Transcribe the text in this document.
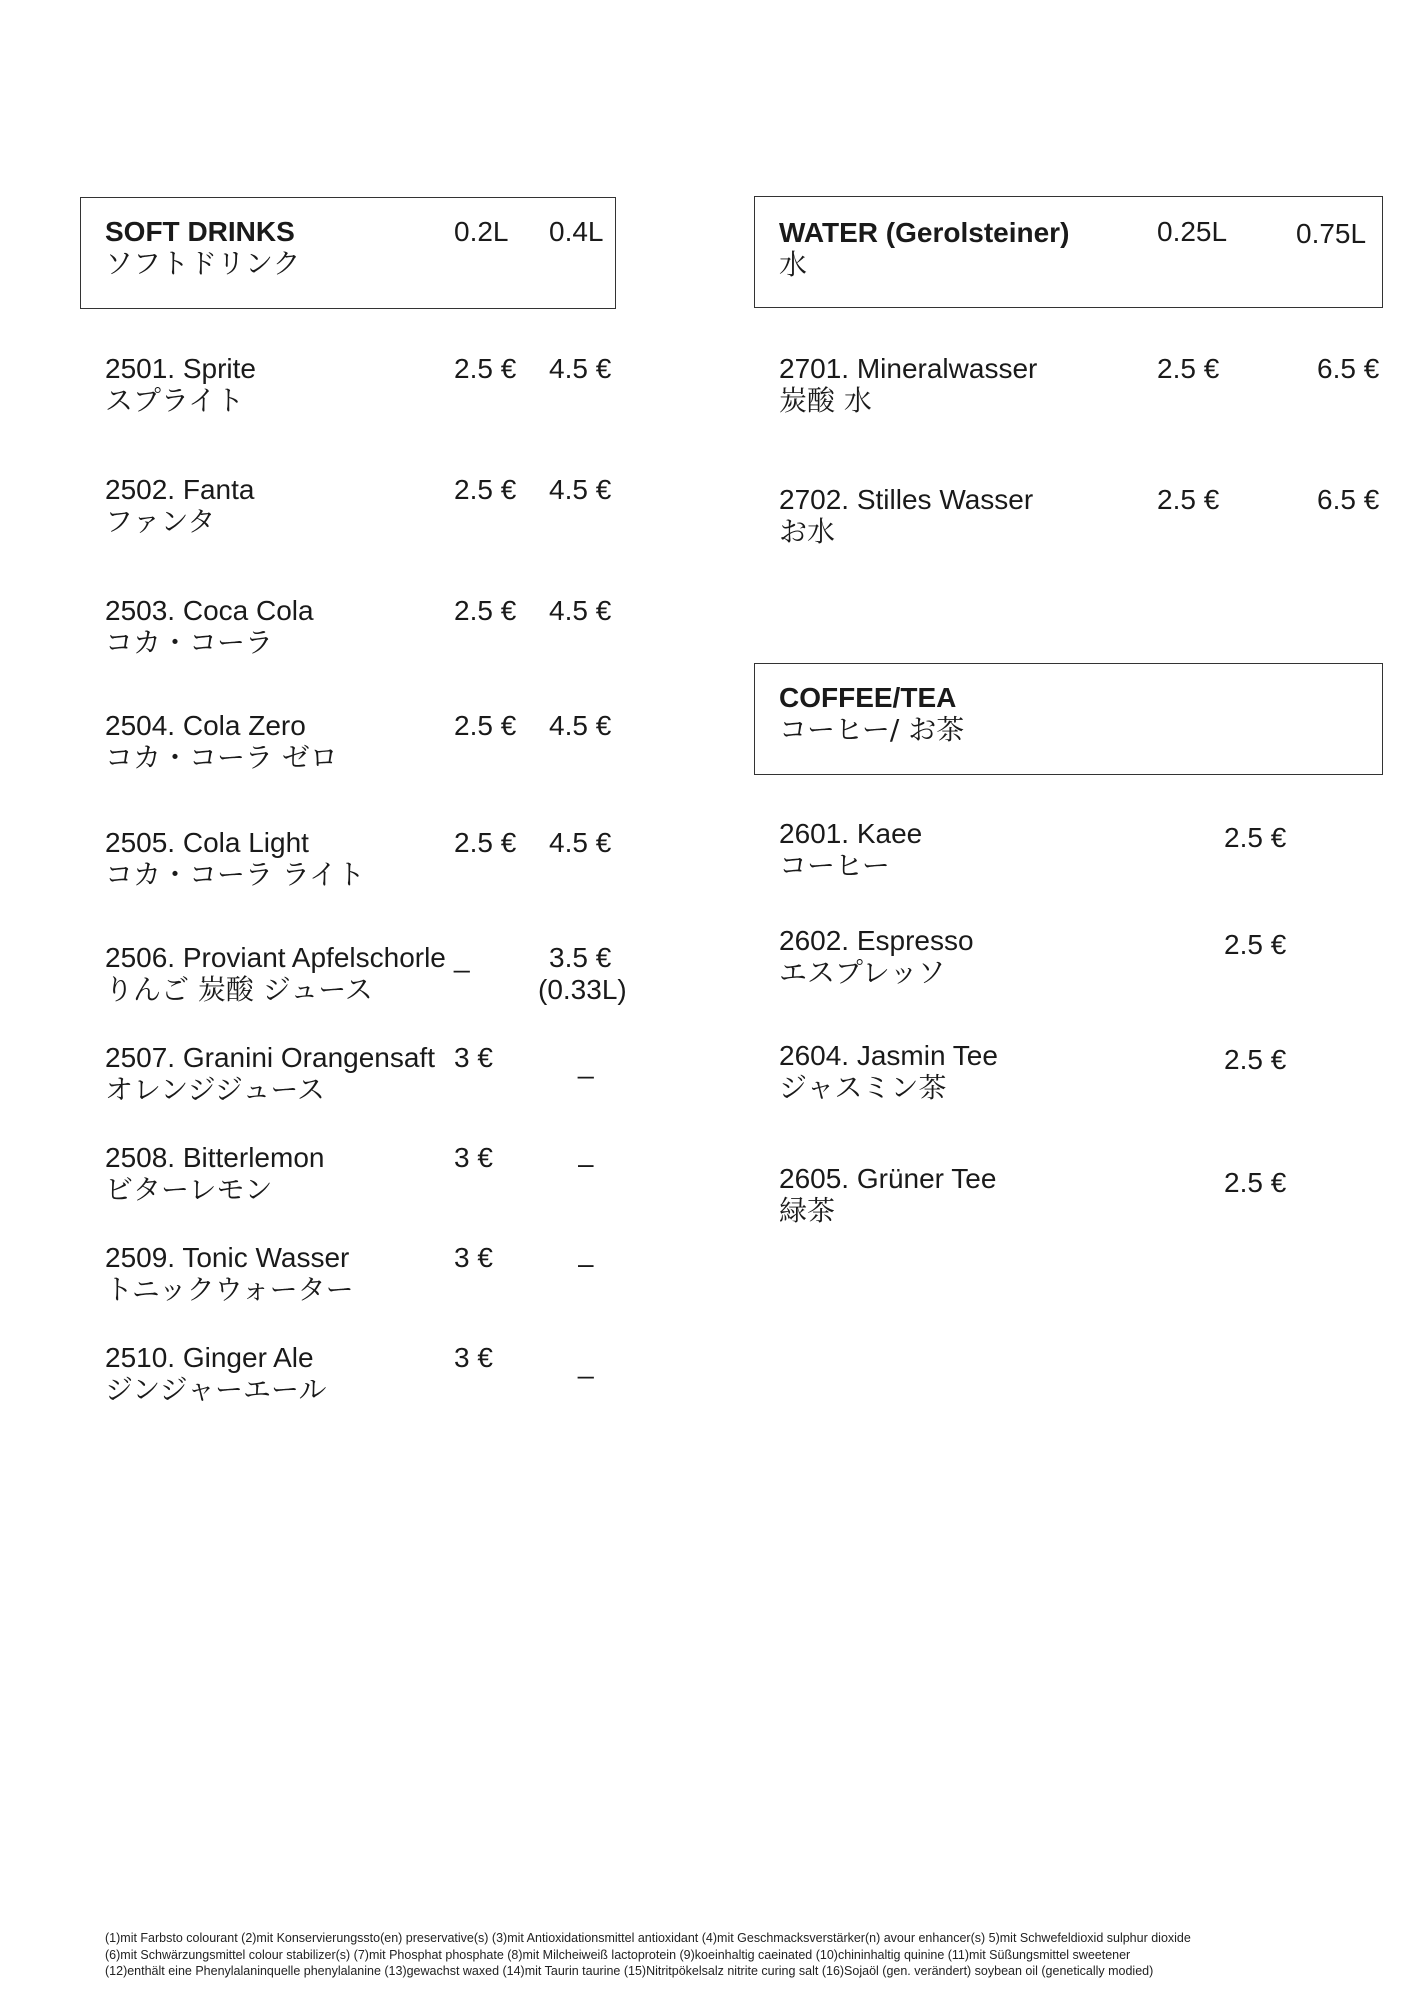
SOFT DRINKS
ソフトドリンク
0.2L 0.4L
2501. Sprite
スプライト
2.5 € 4.5 €
2502. Fanta
ファンタ
2.5 € 4.5 €
2503. Coca Cola
コカ・コーラ
2.5 € 4.5 €
2504. Cola Zero
コカ・コーラ ゼロ
2.5 € 4.5 €
2505. Cola Light
コカ・コーラ ライト
2.5 € 4.5 €
2506. Proviant Apfelschorle
りんご 炭酸 ジュース
_	3.5 €
(0.33L)
2507. Granini Orangensaft
オレンジジュース
3 €	_
2508. Bitterlemon
ビターレモン
3 €	–
2509. Tonic Wasser
トニックウォーター
3 €	–
2510. Ginger Ale
ジンジャーエール
3 €	_
WATER (Gerolsteiner)
水
0.25L 0.75L
2701. Mineralwasser
炭酸 水
2.5 €	6.5 €
2702. Stilles Wasser
お水
2.5 €	6.5 €
COFFEE/TEA
コーヒー/ お茶
2601. Kaee
コーヒー
2.5 €
2602. Espresso
エスプレッソ
2.5 €
2604. Jasmin Tee
ジャスミン茶
2.5 €
2605. Grüner Tee
緑茶
2.5 €
(1)mit Farbsto colourant (2)mit Konservierungssto(en) preservative(s) (3)mit Antioxidationsmittel antioxidant (4)mit Geschmacksverstärker(n) avour enhancer(s) 5)mit Schwefeldioxid sulphur dioxide
(6)mit Schwärzungsmittel colour stabilizer(s) (7)mit Phosphat phosphate (8)mit Milcheiweiß lactoprotein (9)koeinhaltig caeinated (10)chininhaltig quinine (11)mit Süßungsmittel sweetener
(12)enthält eine Phenylalaninquelle phenylalanine (13)gewachst waxed (14)mit Taurin taurine (15)Nitritpökelsalz nitrite curing salt (16)Sojaöl (gen. verändert) soybean oil (genetically modied)
